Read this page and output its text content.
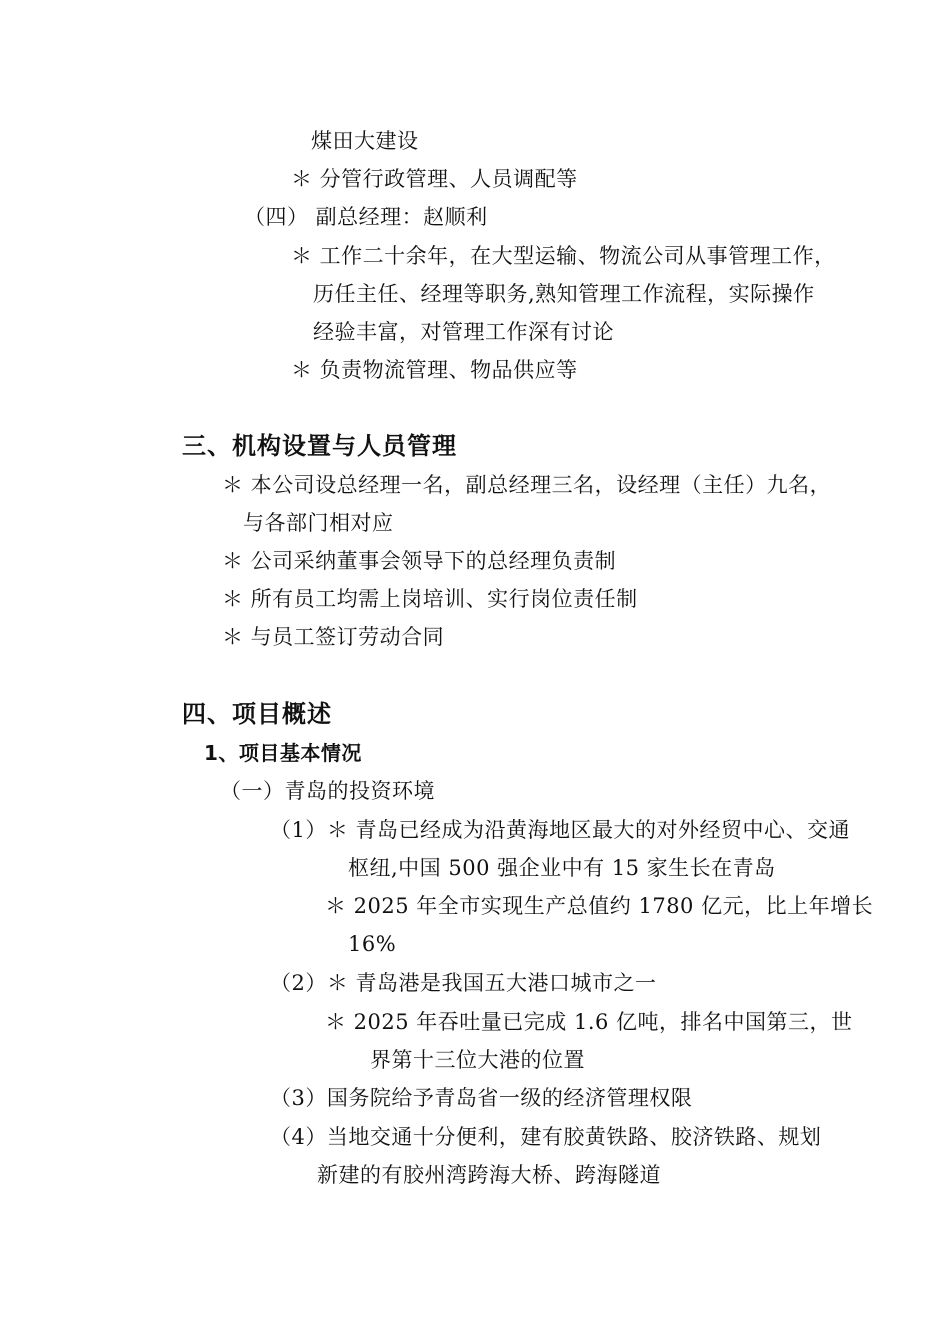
煤田大建设
＊ 分管行政管理、人员调配等
（四） 副总经理：赵顺利
＊ 工作二十余年，在大型运输、物流公司从事管理工作，
历任主任、经理等职务,熟知管理工作流程，实际操作
经验丰富，对管理工作深有讨论
＊ 负责物流管理、物品供应等
三、机构设置与人员管理
＊ 本公司设总经理一名，副总经理三名，设经理（主任）九名，
与各部门相对应
＊ 公司采纳董事会领导下的总经理负责制
＊ 所有员工均需上岗培训、实行岗位责任制
＊ 与员工签订劳动合同
四、项目概述
1、项目基本情况
（一）青岛的投资环境
（1）＊ 青岛已经成为沿黄海地区最大的对外经贸中心、交通
枢纽,中国 500 强企业中有 15 家生长在青岛
＊ 2025 年全市实现生产总值约 1780 亿元，比上年增长
16%
（2）＊ 青岛港是我国五大港口城市之一
＊ 2025 年吞吐量已完成 1.6 亿吨，排名中国第三，世
界第十三位大港的位置
（3）国务院给予青岛省一级的经济管理权限
（4）当地交通十分便利，建有胶黄铁路、胶济铁路、规划
新建的有胶州湾跨海大桥、跨海隧道
